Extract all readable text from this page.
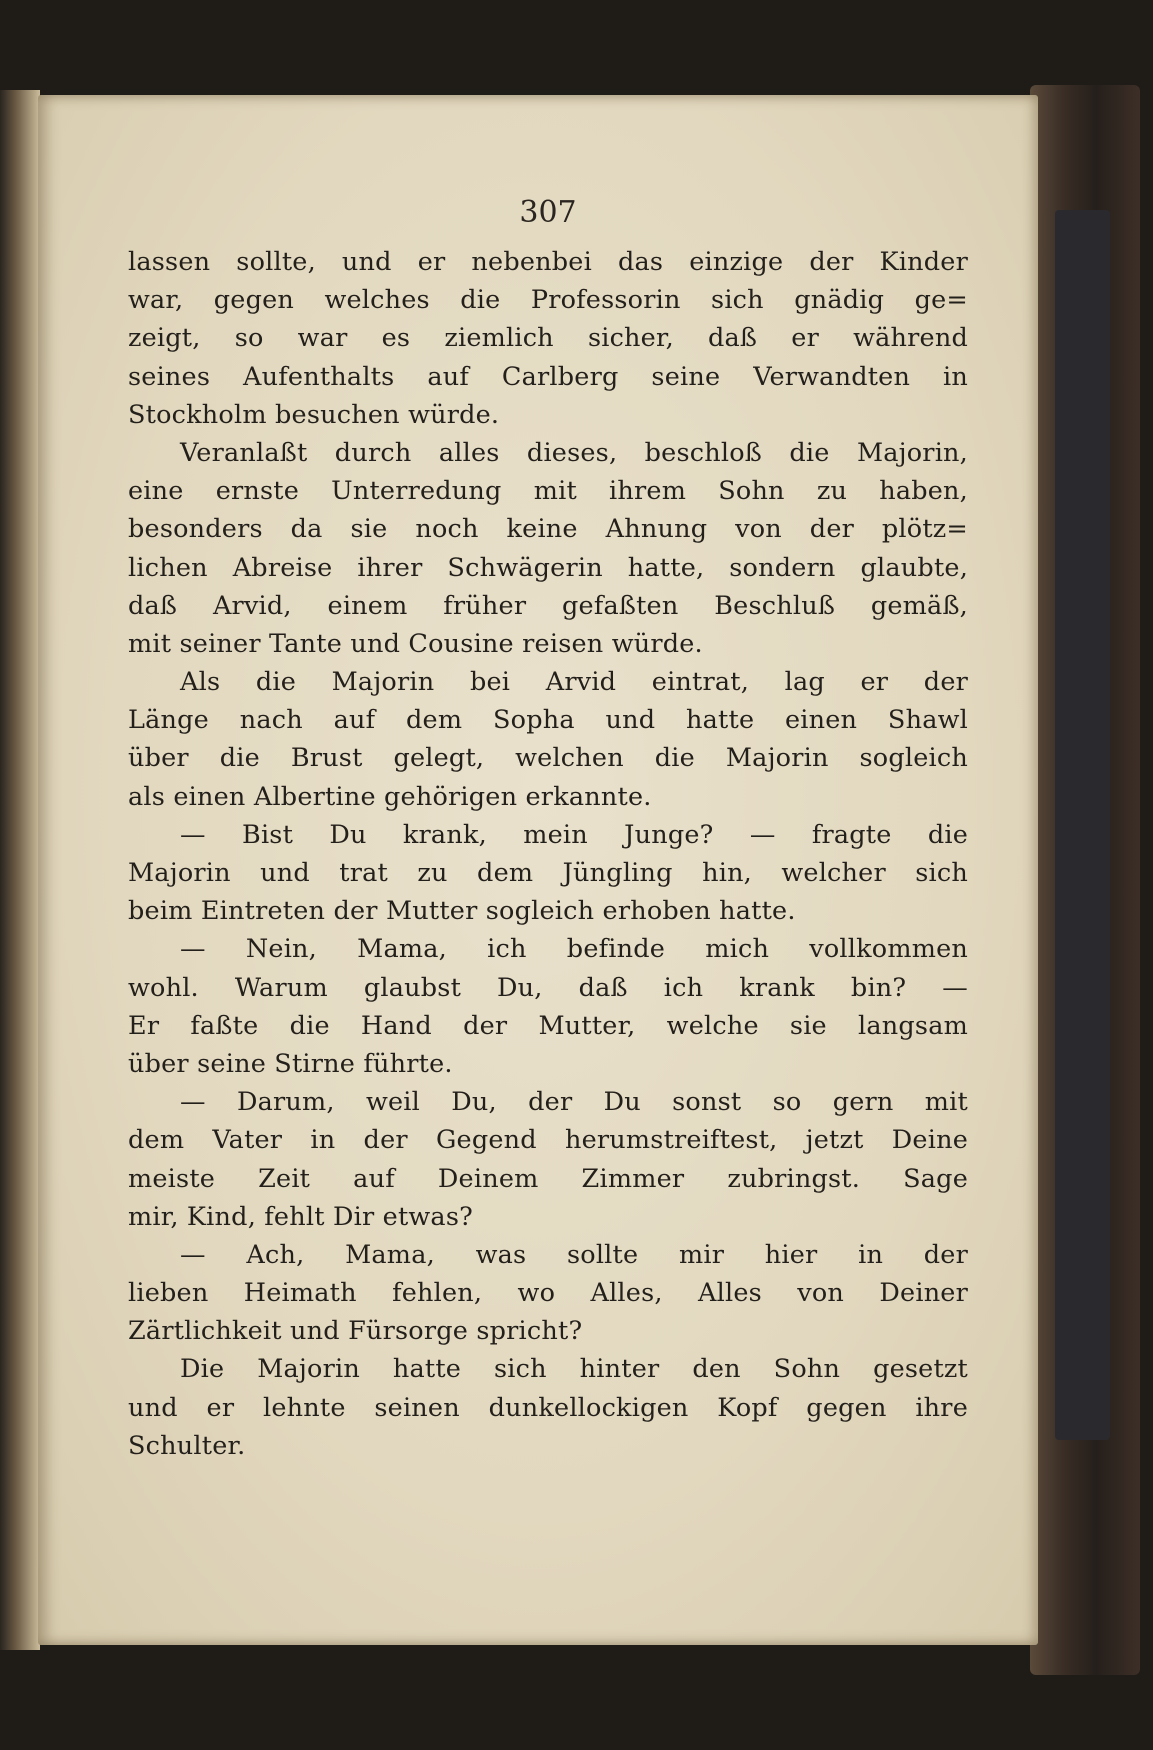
307
lassen sollte, und er nebenbei das einzige der Kinder
war, gegen welches die Professorin sich gnädig ge=
zeigt, so war es ziemlich sicher, daß er während
seines Aufenthalts auf Carlberg seine Verwandten in
Stockholm besuchen würde.
Veranlaßt durch alles dieses, beschloß die Majorin,
eine ernste Unterredung mit ihrem Sohn zu haben,
besonders da sie noch keine Ahnung von der plötz=
lichen Abreise ihrer Schwägerin hatte, sondern glaubte,
daß Arvid, einem früher gefaßten Beschluß gemäß,
mit seiner Tante und Cousine reisen würde.
Als die Majorin bei Arvid eintrat, lag er der
Länge nach auf dem Sopha und hatte einen Shawl
über die Brust gelegt, welchen die Majorin sogleich
als einen Albertine gehörigen erkannte.
— Bist Du krank, mein Junge? — fragte die
Majorin und trat zu dem Jüngling hin, welcher sich
beim Eintreten der Mutter sogleich erhoben hatte.
— Nein, Mama, ich befinde mich vollkommen
wohl. Warum glaubst Du, daß ich krank bin? —
Er faßte die Hand der Mutter, welche sie langsam
über seine Stirne führte.
— Darum, weil Du, der Du sonst so gern mit
dem Vater in der Gegend herumstreiftest, jetzt Deine
meiste Zeit auf Deinem Zimmer zubringst. Sage
mir, Kind, fehlt Dir etwas?
— Ach, Mama, was sollte mir hier in der
lieben Heimath fehlen, wo Alles, Alles von Deiner
Zärtlichkeit und Fürsorge spricht?
Die Majorin hatte sich hinter den Sohn gesetzt
und er lehnte seinen dunkellockigen Kopf gegen ihre
Schulter.
